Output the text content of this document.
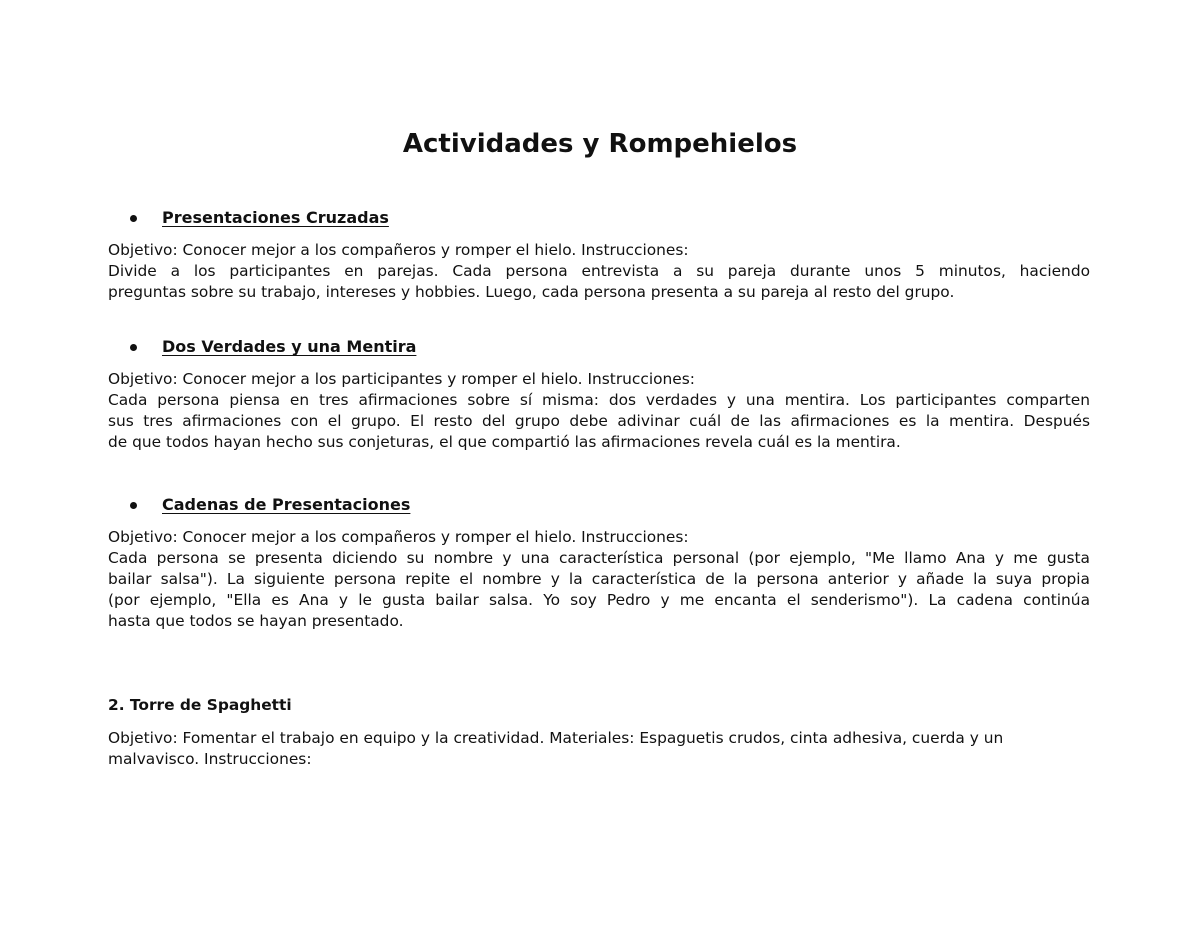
Actividades y Rompehielos
Presentaciones Cruzadas
Objetivo: Conocer mejor a los compañeros y romper el hielo. Instrucciones:
Divide a los participantes en parejas. Cada persona entrevista a su pareja durante unos 5 minutos, haciendo
preguntas sobre su trabajo, intereses y hobbies. Luego, cada persona presenta a su pareja al resto del grupo.
Dos Verdades y una Mentira
Objetivo: Conocer mejor a los participantes y romper el hielo. Instrucciones:
Cada persona piensa en tres afirmaciones sobre sí misma: dos verdades y una mentira. Los participantes comparten
sus tres afirmaciones con el grupo. El resto del grupo debe adivinar cuál de las afirmaciones es la mentira. Después
de que todos hayan hecho sus conjeturas, el que compartió las afirmaciones revela cuál es la mentira.
Cadenas de Presentaciones
Objetivo: Conocer mejor a los compañeros y romper el hielo. Instrucciones:
Cada persona se presenta diciendo su nombre y una característica personal (por ejemplo, "Me llamo Ana y me gusta
bailar salsa"). La siguiente persona repite el nombre y la característica de la persona anterior y añade la suya propia
(por ejemplo, "Ella es Ana y le gusta bailar salsa. Yo soy Pedro y me encanta el senderismo"). La cadena continúa
hasta que todos se hayan presentado.
2. Torre de Spaghetti
Objetivo: Fomentar el trabajo en equipo y la creatividad. Materiales: Espaguetis crudos, cinta adhesiva, cuerda y un
malvavisco. Instrucciones:
